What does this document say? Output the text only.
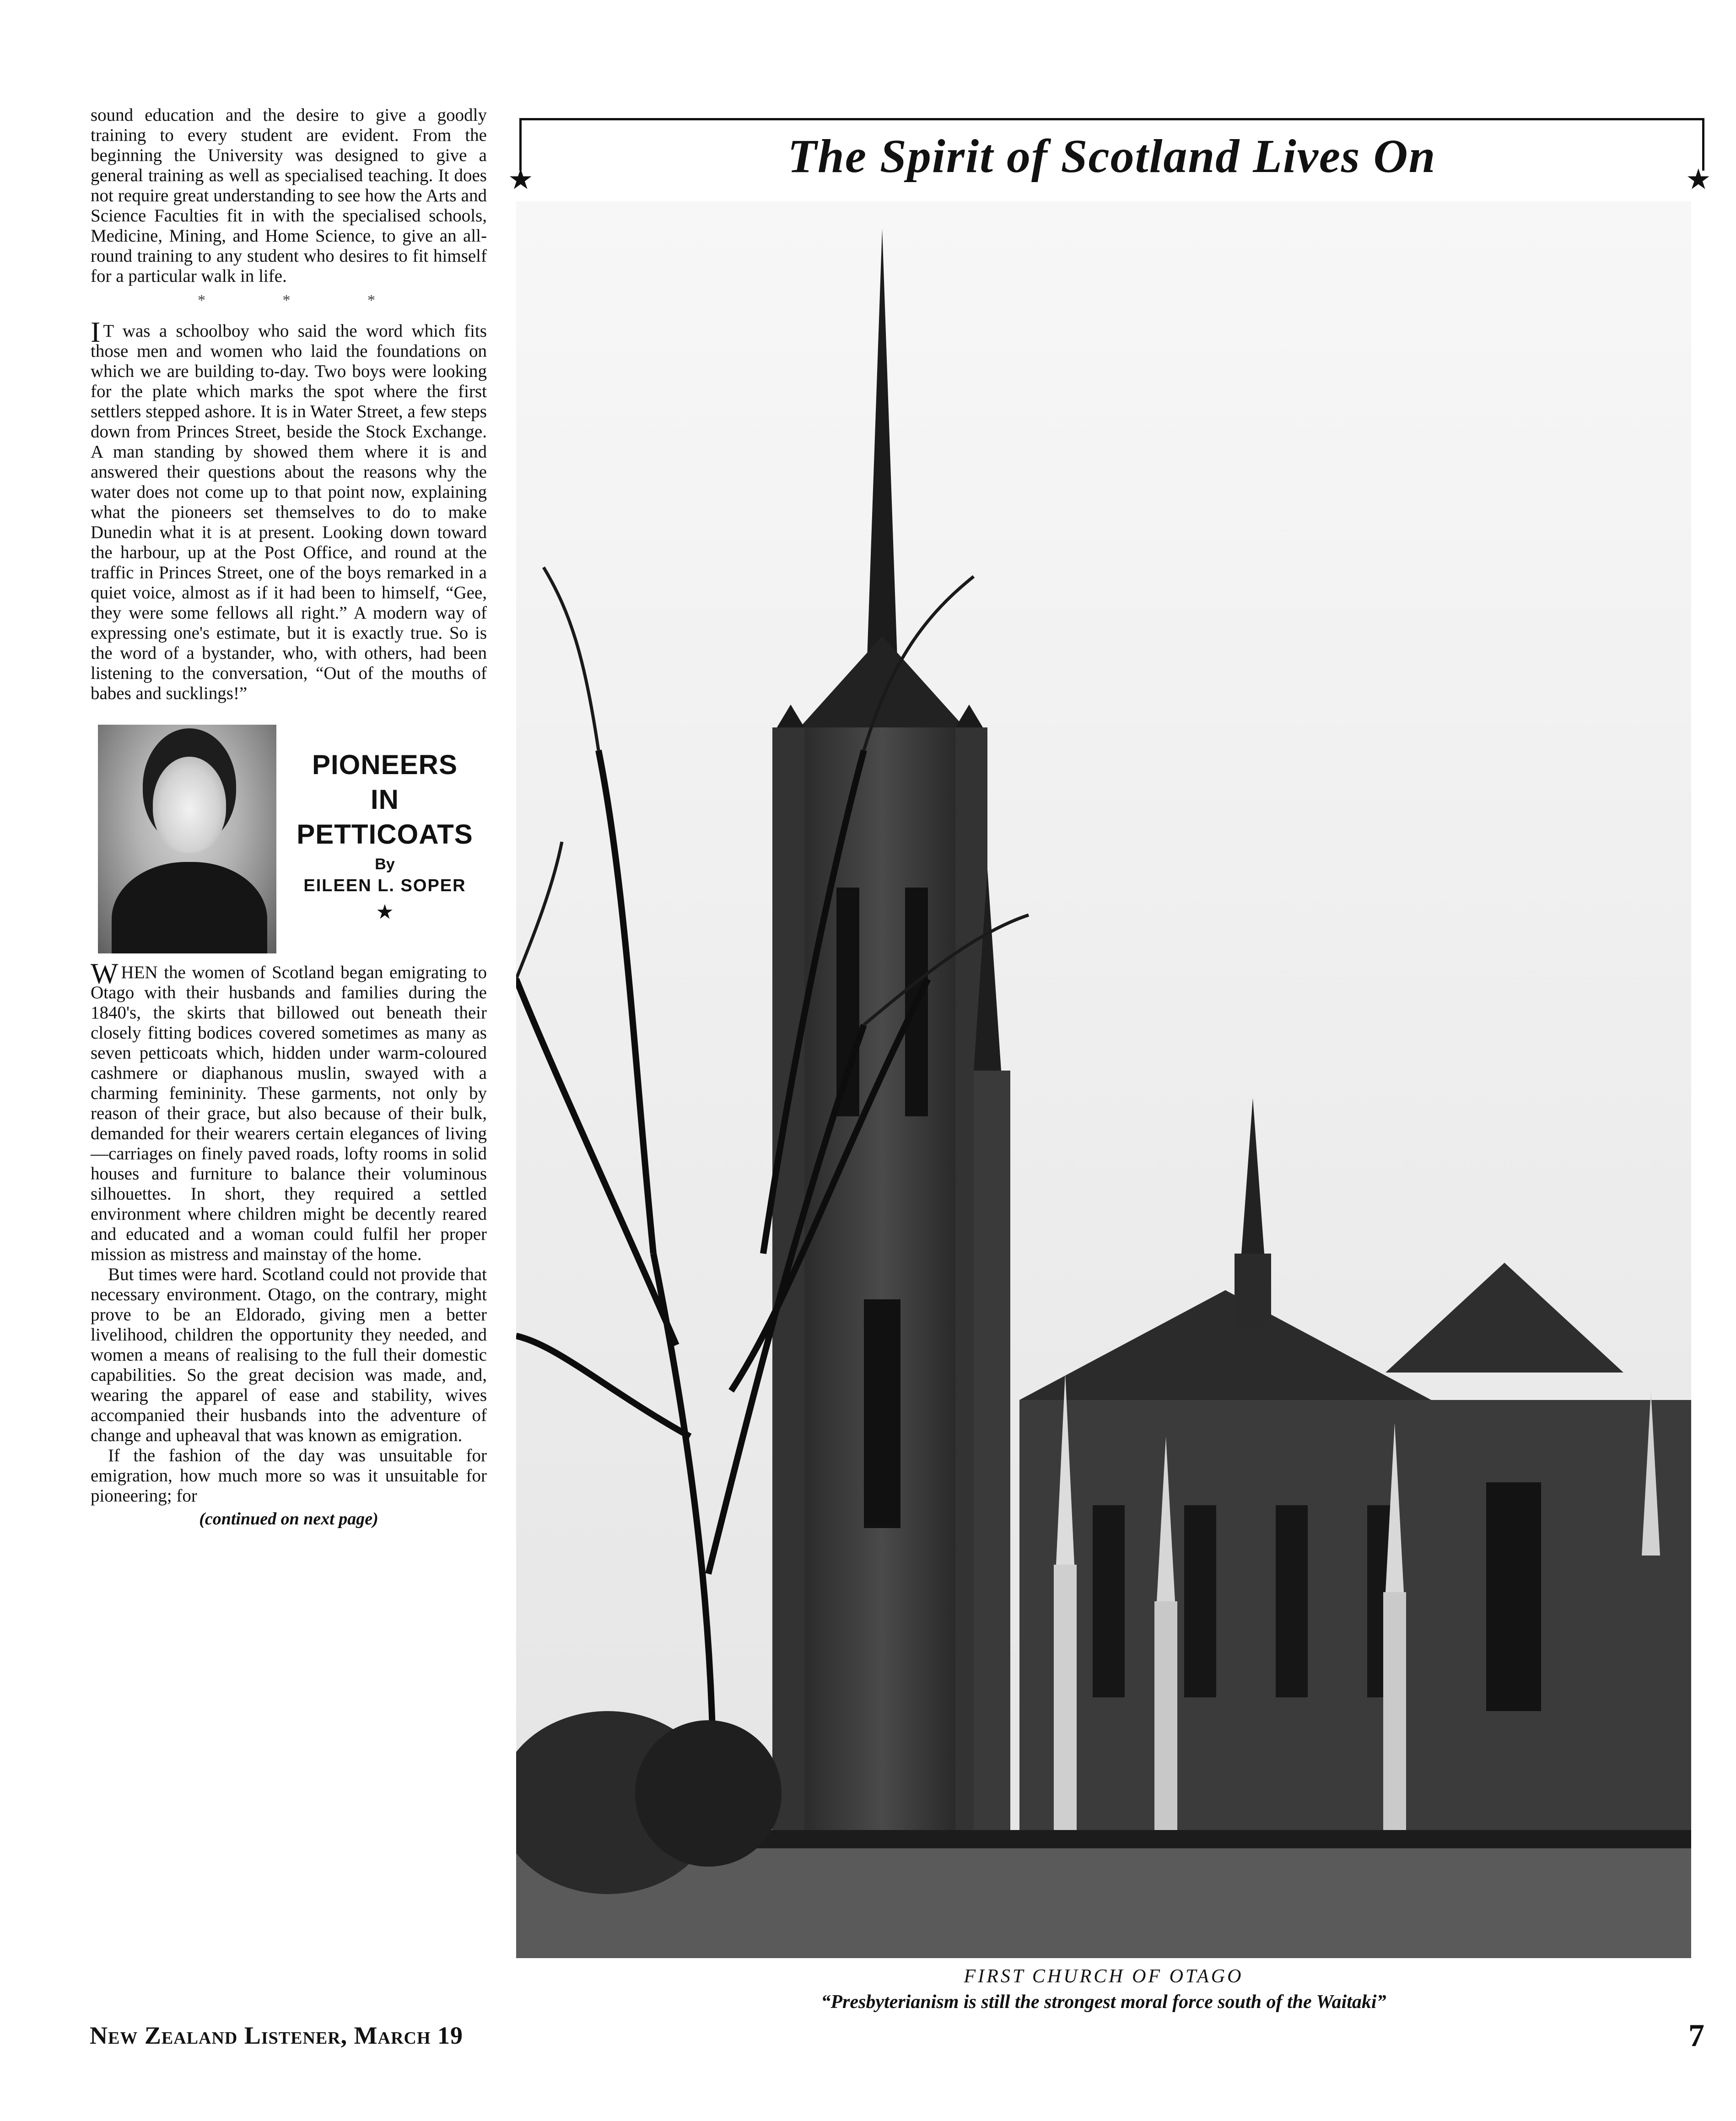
sound education and the desire to give a goodly training to every student are evident. From the beginning the University was designed to give a general training as well as specialised teaching. It does not require great understanding to see how the Arts and Science Faculties fit in with the specialised schools, Medicine, Mining, and Home Science, to give an all-round training to any student who desires to fit himself for a particular walk in life.

* * *

I T was a schoolboy who said the word which fits those men and women who laid the foundations on which we are building to-day. Two boys were looking for the plate which marks the spot where the first settlers stepped ashore. It is in Water Street, a few steps down from Princes Street, beside the Stock Exchange. A man standing by showed them where it is and answered their questions about the reasons why the water does not come up to that point now, explaining what the pioneers set themselves to do to make Dunedin what it is at present. Looking down toward the harbour, up at the Post Office, and round at the traffic in Princes Street, one of the boys remarked in a quiet voice, almost as if it had been to himself, “Gee, they were some fellows all right.” A modern way of expressing one's estimate, but it is exactly true. So is the word of a bystander, who, with others, had been listening to the conversation, “Out of the mouths of babes and sucklings!”

PIONEERS
IN
PETTICOATS
By
EILEEN L. SOPER
★

WHEN the women of Scotland began emigrating to Otago with their husbands and families during the 1840's, the skirts that billowed out beneath their closely fitting bodices covered sometimes as many as seven petticoats which, hidden under warm-coloured cashmere or diaphanous muslin, swayed with a charming femininity. These garments, not only by reason of their grace, but also because of their bulk, demanded for their wearers certain elegances of living—carriages on finely paved roads, lofty rooms in solid houses and furniture to balance their voluminous silhouettes. In short, they required a settled environment where children might be decently reared and educated and a woman could fulfil her proper mission as mistress and mainstay of the home.

But times were hard. Scotland could not provide that necessary environment. Otago, on the contrary, might prove to be an Eldorado, giving men a better livelihood, children the opportunity they needed, and women a means of realising to the full their domestic capabilities. So the great decision was made, and, wearing the apparel of ease and stability, wives accompanied their husbands into the adventure of change and upheaval that was known as emigration.

If the fashion of the day was unsuitable for emigration, how much more so was it unsuitable for pioneering; for

(continued on next page)
The Spirit of Scotland Lives On
★	★
FIRST CHURCH OF OTAGO
“Presbyterianism is still the strongest moral force south of the Waitaki”
New Zealand Listener, March 19	7
